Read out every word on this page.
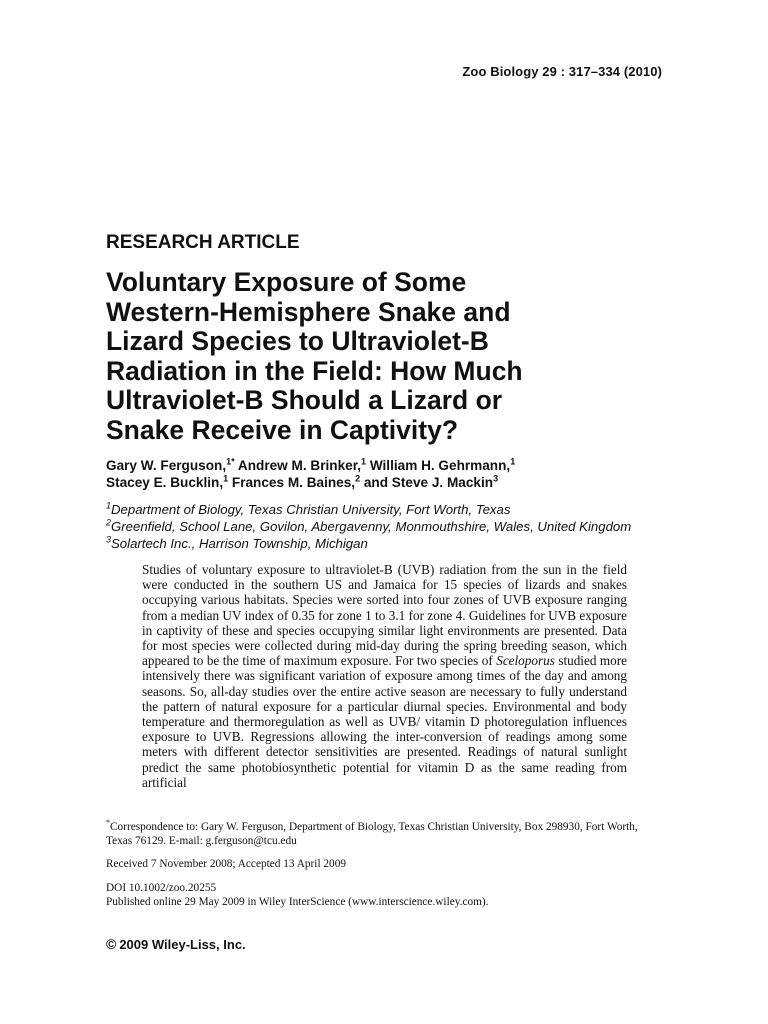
Zoo Biology 29 : 317–334 (2010)
RESEARCH ARTICLE
Voluntary Exposure of Some
Western-Hemisphere Snake and
Lizard Species to Ultraviolet-B
Radiation in the Field: How Much
Ultraviolet-B Should a Lizard or
Snake Receive in Captivity?
Gary W. Ferguson,$^{1*}$ Andrew M. Brinker,$^1$ William H. Gehrmann,$^1$
Stacey E. Bucklin,$^1$ Frances M. Baines,$^2$ and Steve J. Mackin$^3$
$^1$Department of Biology, Texas Christian University, Fort Worth, Texas
$^2$Greenfield, School Lane, Govilon, Abergavenny, Monmouthshire, Wales, United Kingdom
$^3$Solartech Inc., Harrison Township, Michigan

Studies of voluntary exposure to ultraviolet-B (UVB) radiation from the sun in the field were conducted in the southern US and Jamaica for 15 species of lizards and snakes occupying various habitats. Species were sorted into four zones of UVB exposure ranging from a median UV index of 0.35 for zone 1 to 3.1 for zone 4. Guidelines for UVB exposure in captivity of these and species occupying similar light environments are presented. Data for most species were collected during mid-day during the spring breeding season, which appeared to be the time of maximum exposure. For two species of Sceloporus studied more intensively there was significant variation of exposure among times of the day and among seasons. So, all-day studies over the entire active season are necessary to fully understand the pattern of natural exposure for a particular diurnal species. Environmental and body temperature and thermoregulation as well as UVB/ vitamin D photoregulation influences exposure to UVB. Regressions allowing the inter-conversion of readings among some meters with different detector sensitivities are presented. Readings of natural sunlight predict the same photobiosynthetic potential for vitamin D as the same reading from artificial

*Correspondence to: Gary W. Ferguson, Department of Biology, Texas Christian University, Box 298930, Fort Worth, Texas 76129. E-mail: g.ferguson@tcu.edu

Received 7 November 2008; Accepted 13 April 2009

DOI 10.1002/zoo.20255

Published online 29 May 2009 in Wiley InterScience (www.interscience.wiley.com).

© 2009 Wiley-Liss, Inc.
